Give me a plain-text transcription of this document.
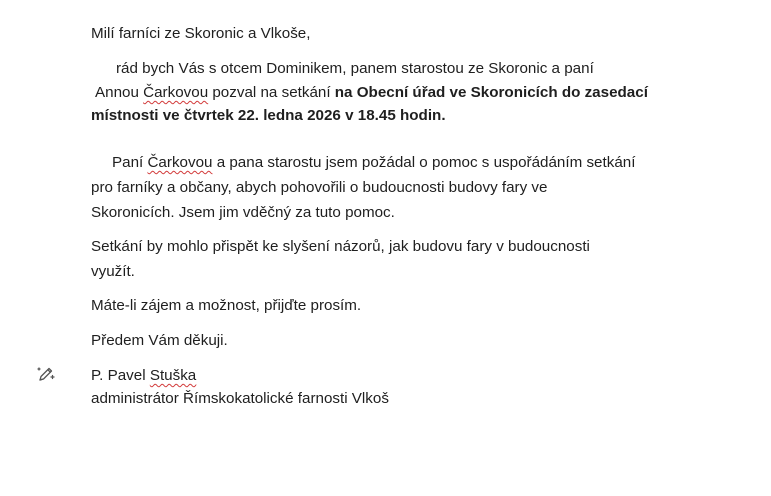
Milí farníci ze Skoronic a Vlkoše,
rád bych Vás s otcem Dominikem, panem starostou ze Skoronic a paní
Annou Čarkovou pozval na setkání na Obecní úřad ve Skoronicích do zasedací
místnosti ve čtvrtek 22. ledna 2026 v 18.45 hodin.
Paní Čarkovou a pana starostu jsem požádal o pomoc s uspořádáním setkání
pro farníky a občany, abych pohovořili o budoucnosti budovy fary ve
Skoronicích. Jsem jim vděčný za tuto pomoc.
Setkání by mohlo přispět ke slyšení názorů, jak budovu fary v budoucnosti
využít.
Máte-li zájem a možnost, přijďte prosím.
Předem Vám děkuji.
P. Pavel Stuška
administrátor Římskokatolické farnosti Vlkoš
